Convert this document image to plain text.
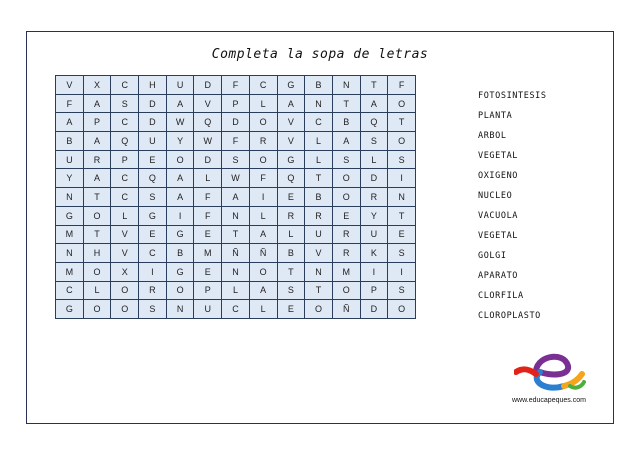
Completa la sopa de letras
V	X	C	H	U	D	F	C	G	B	N	T	F
F	A	S	D	A	V	P	L	A	N	T	A	O
A	P	C	D	W	Q	D	O	V	C	B	Q	T
B	A	Q	U	Y	W	F	R	V	L	A	S	O
U	R	P	E	O	D	S	O	G	L	S	L	S
Y	A	C	Q	A	L	W	F	Q	T	O	D	I
N	T	C	S	A	F	A	I	E	B	O	R	N
G	O	L	G	I	F	N	L	R	R	E	Y	T
M	T	V	E	G	E	T	A	L	U	R	U	E
N	H	V	C	B	M	Ñ	Ñ	B	V	R	K	S
M	O	X	I	G	E	N	O	T	N	M	I	I
C	L	O	R	O	P	L	A	S	T	O	P	S
G	O	O	S	N	U	C	L	E	O	Ñ	D	O
FOTOSINTESIS
PLANTA
ARBOL
VEGETAL
OXIGENO
NUCLEO
VACUOLA
VEGETAL
GOLGI
APARATO
CLORFILA
CLOROPLASTO
www.educapeques.com
